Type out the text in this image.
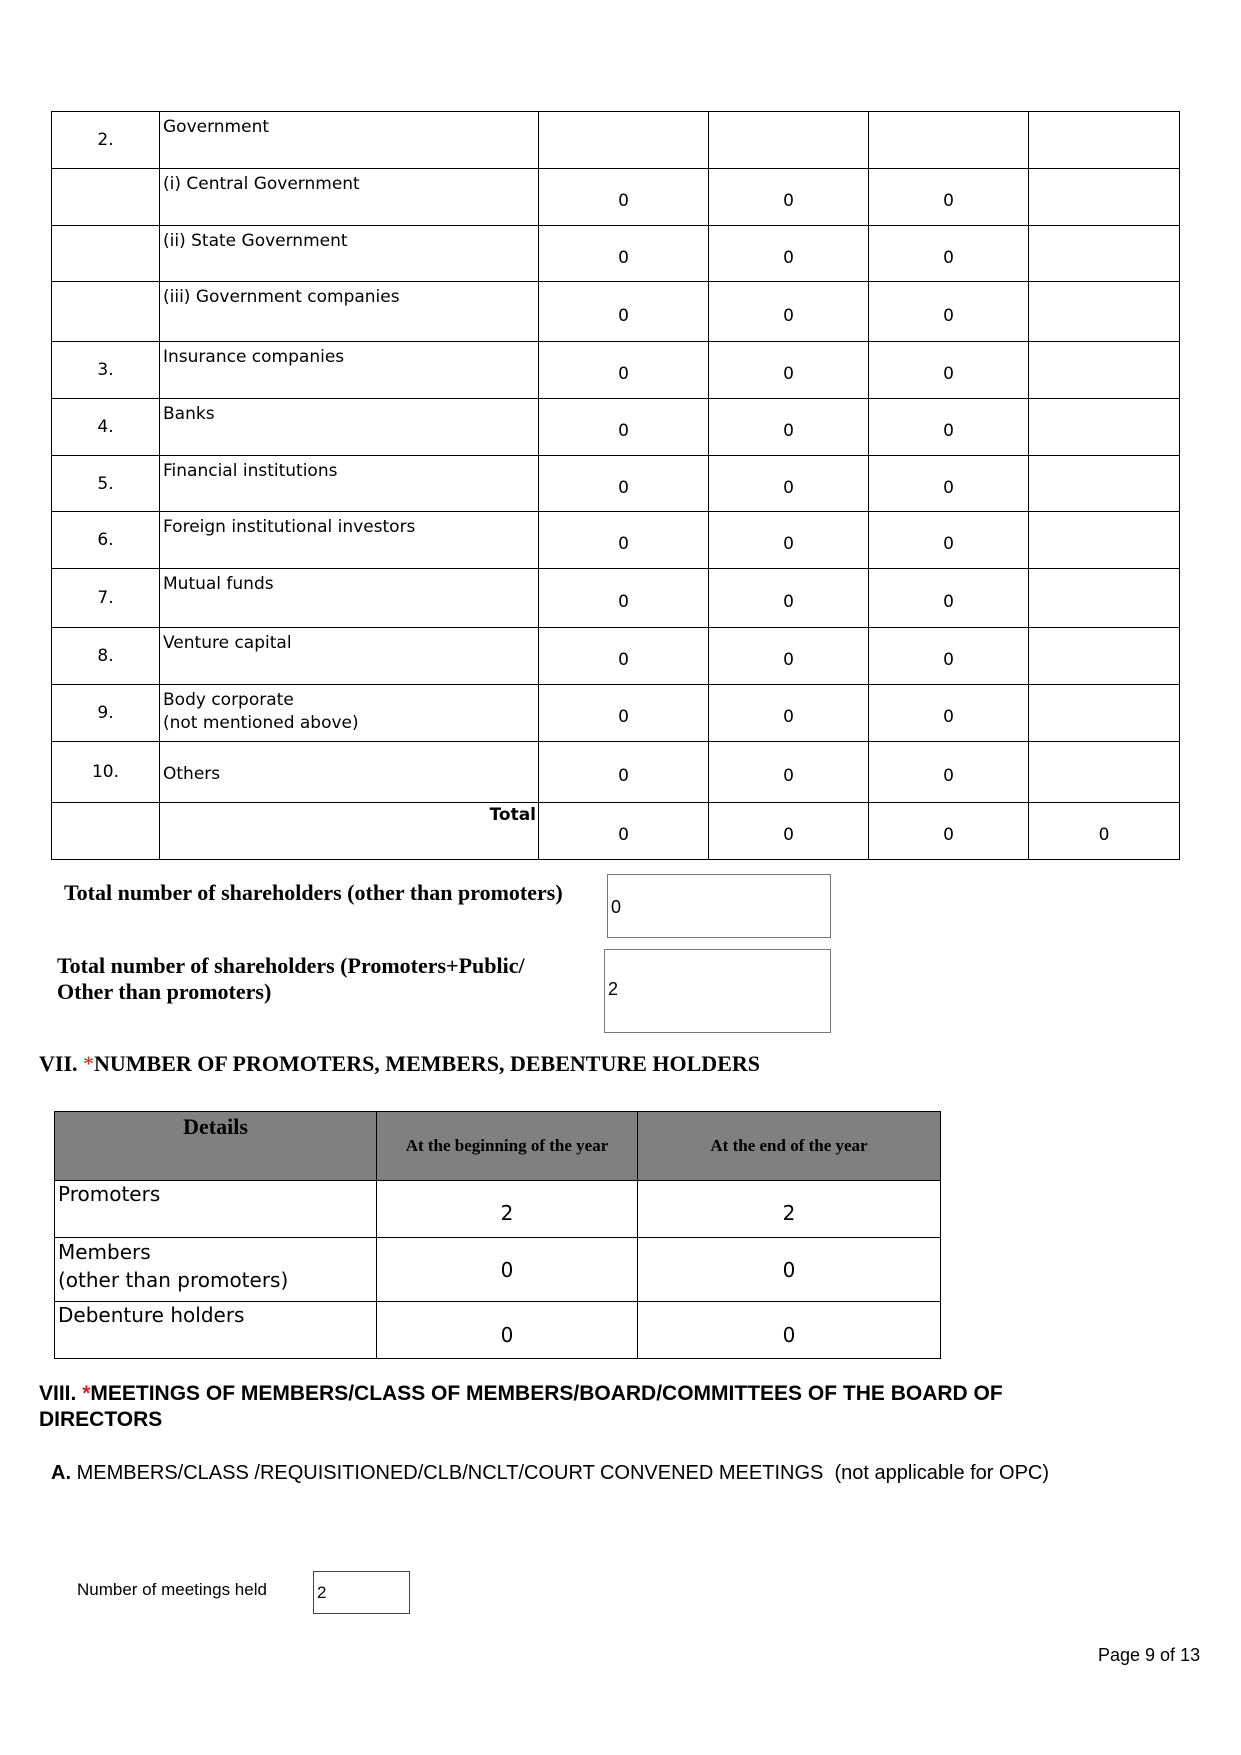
2.	Government				

	(i) Central Government	0	0	0	

	(ii) State Government	0	0	0	

	(iii) Government companies	0	0	0	
3.	Insurance companies	0	0	0	
4.	Banks	0	0	0	
5.	Financial institutions	0	0	0	
6.	Foreign institutional investors	0	0	0	
7.	Mutual funds	0	0	0	
8.	Venture capital	0	0	0	
9.	Body corporate
(not mentioned above)	0	0	0	
10.	Others	0	0	0	
	Total	0	0	0	0
Total number of shareholders (other than promoters)
0
Total number of shareholders (Promoters+Public/
Other than promoters)	2
VII. *NUMBER OF PROMOTERS, MEMBERS, DEBENTURE HOLDERS
Details	At the beginning of the year	At the end of the year
Promoters	2	2

Members
(other than promoters)	0	0
Debenture holders	0	0
VIII. *MEETINGS OF MEMBERS/CLASS OF MEMBERS/BOARD/COMMITTEES OF THE BOARD OF
DIRECTORS
A. MEMBERS/CLASS /REQUISITIONED/CLB/NCLT/COURT CONVENED MEETINGS (not applicable for OPC)
Number of meetings held	2
Page 9 of 13
